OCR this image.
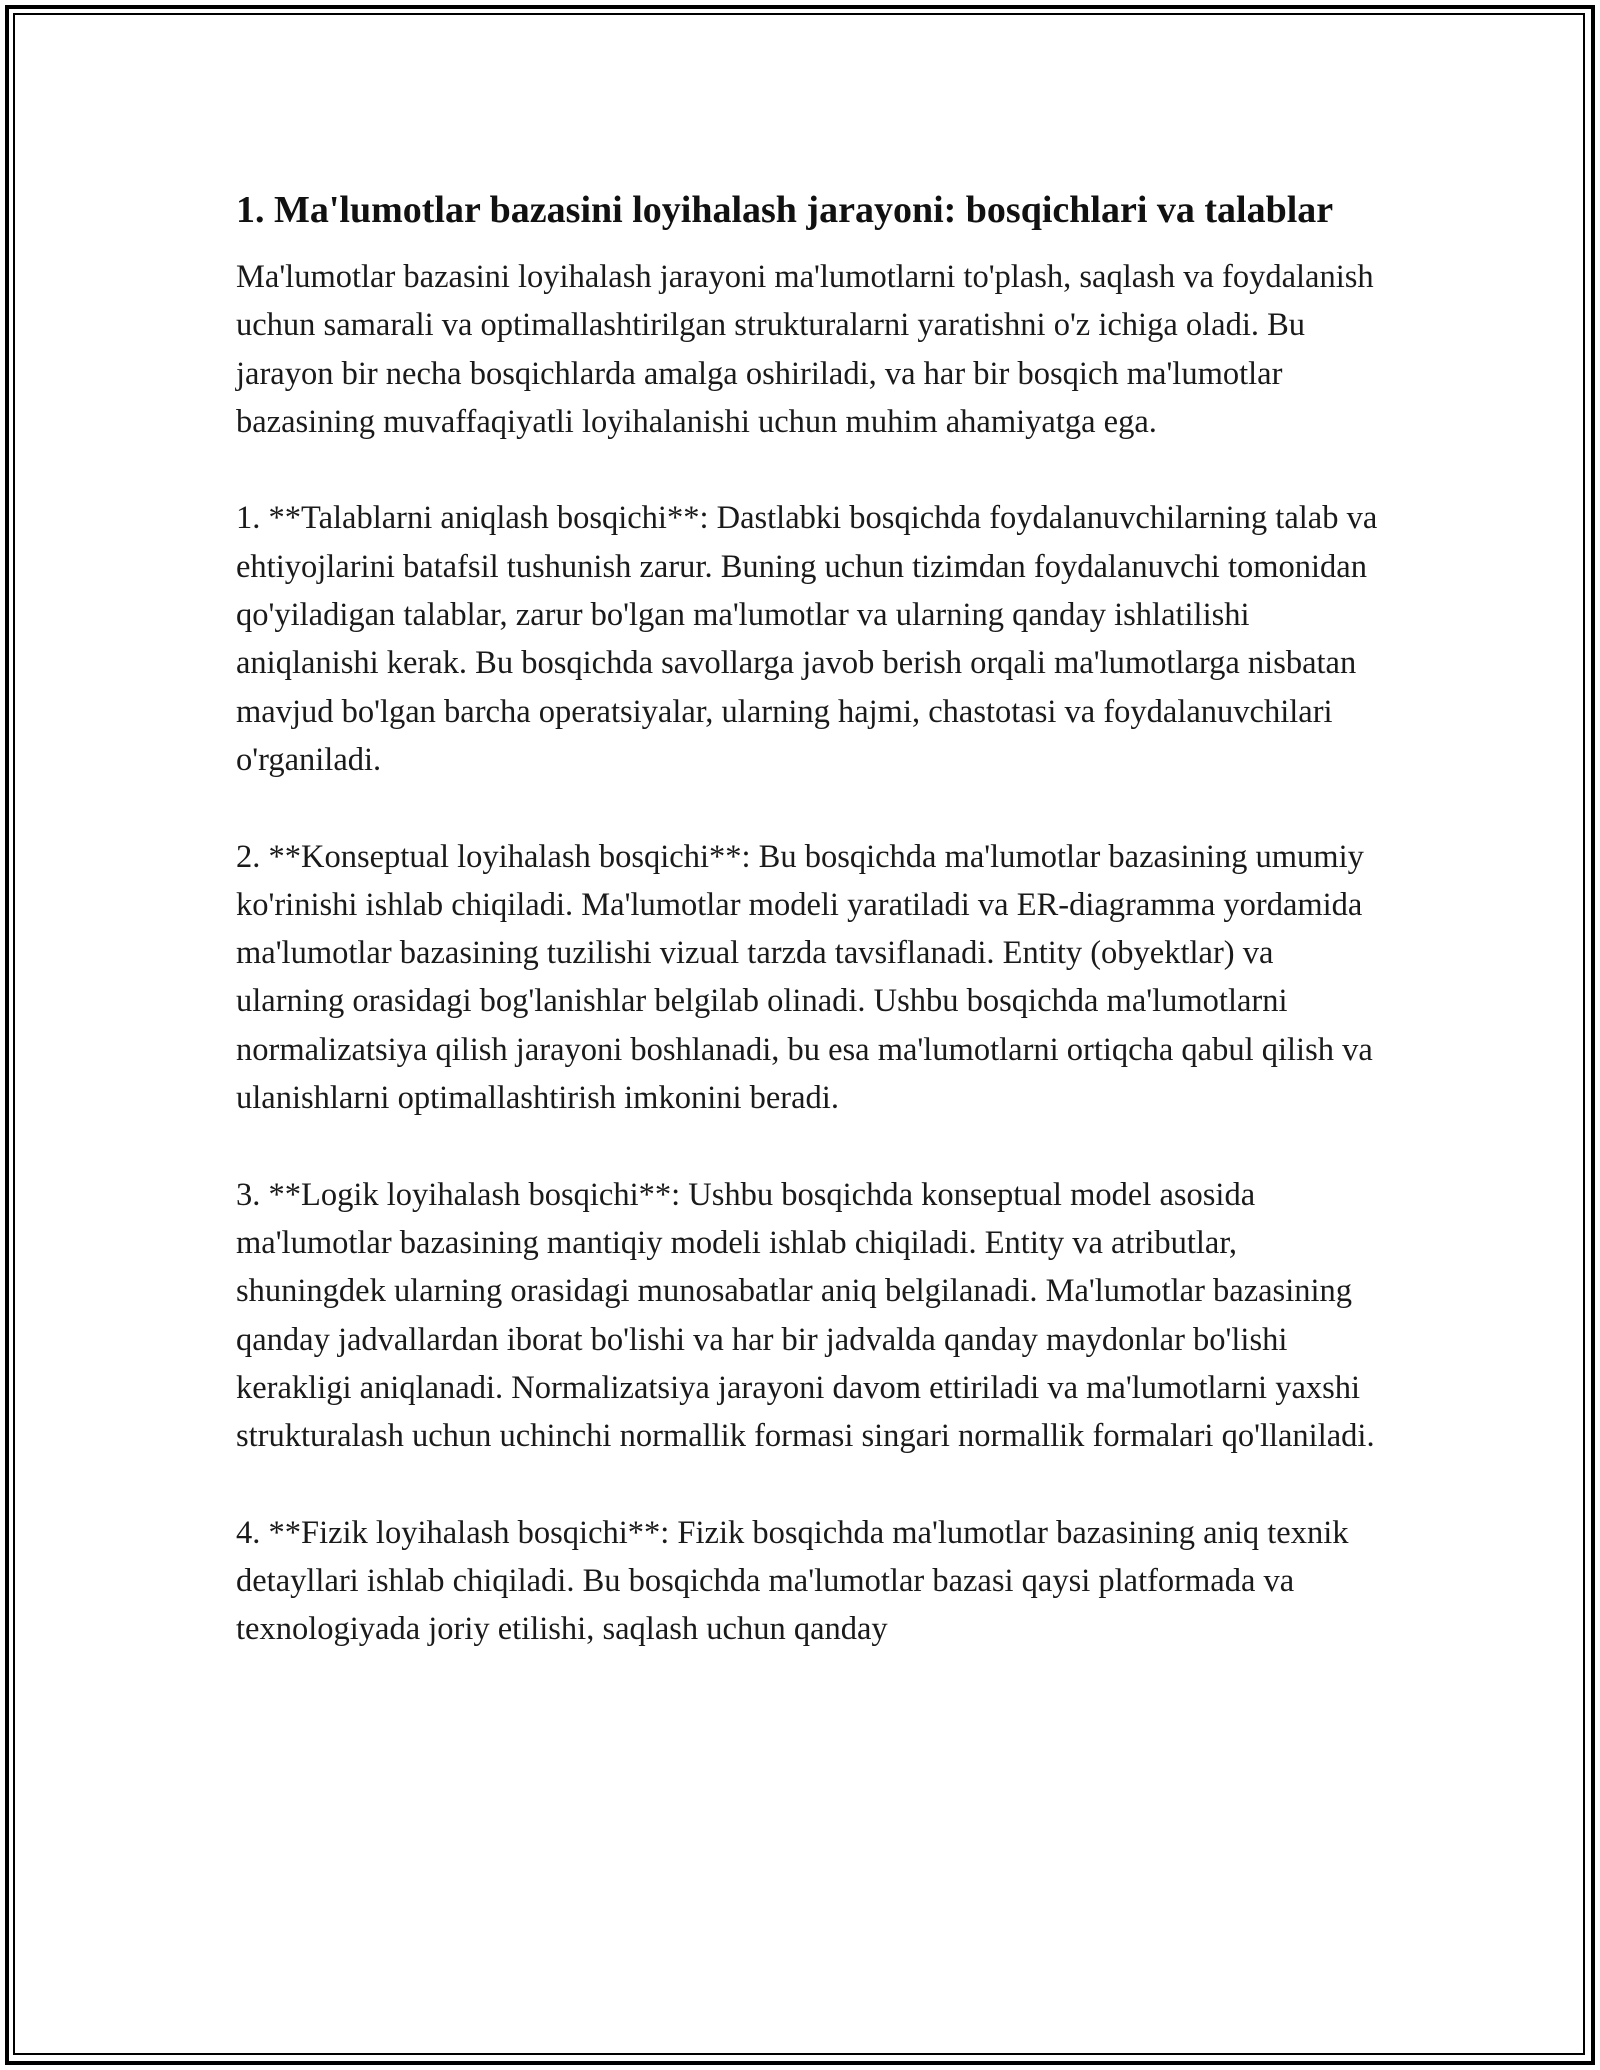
1. Ma'lumotlar bazasini loyihalash jarayoni: bosqichlari va talablar

Ma'lumotlar bazasini loyihalash jarayoni ma'lumotlarni to'plash, saqlash va foydalanish uchun samarali va optimallashtirilgan strukturalarni yaratishni o'z ichiga oladi. Bu jarayon bir necha bosqichlarda amalga oshiriladi, va har bir bosqich ma'lumotlar bazasining muvaffaqiyatli loyihalanishi uchun muhim ahamiyatga ega.

1. **Talablarni aniqlash bosqichi**: Dastlabki bosqichda foydalanuvchilarning talab va ehtiyojlarini batafsil tushunish zarur. Buning uchun tizimdan foydalanuvchi tomonidan qo'yiladigan talablar, zarur bo'lgan ma'lumotlar va ularning qanday ishlatilishi aniqlanishi kerak. Bu bosqichda savollarga javob berish orqali ma'lumotlarga nisbatan mavjud bo'lgan barcha operatsiyalar, ularning hajmi, chastotasi va foydalanuvchilari o'rganiladi.

2. **Konseptual loyihalash bosqichi**: Bu bosqichda ma'lumotlar bazasining umumiy ko'rinishi ishlab chiqiladi. Ma'lumotlar modeli yaratiladi va ER-diagramma yordamida ma'lumotlar bazasining tuzilishi vizual tarzda tavsiflanadi. Entity (obyektlar) va ularning orasidagi bog'lanishlar belgilab olinadi. Ushbu bosqichda ma'lumotlarni normalizatsiya qilish jarayoni boshlanadi, bu esa ma'lumotlarni ortiqcha qabul qilish va ulanishlarni optimallashtirish imkonini beradi.

3. **Logik loyihalash bosqichi**: Ushbu bosqichda konseptual model asosida ma'lumotlar bazasining mantiqiy modeli ishlab chiqiladi. Entity va atributlar, shuningdek ularning orasidagi munosabatlar aniq belgilanadi. Ma'lumotlar bazasining qanday jadvallardan iborat bo'lishi va har bir jadvalda qanday maydonlar bo'lishi kerakligi aniqlanadi. Normalizatsiya jarayoni davom ettiriladi va ma'lumotlarni yaxshi strukturalash uchun uchinchi normallik formasi singari normallik formalari qo'llaniladi.

4. **Fizik loyihalash bosqichi**: Fizik bosqichda ma'lumotlar bazasining aniq texnik detayllari ishlab chiqiladi. Bu bosqichda ma'lumotlar bazasi qaysi platformada va texnologiyada joriy etilishi, saqlash uchun qanday
